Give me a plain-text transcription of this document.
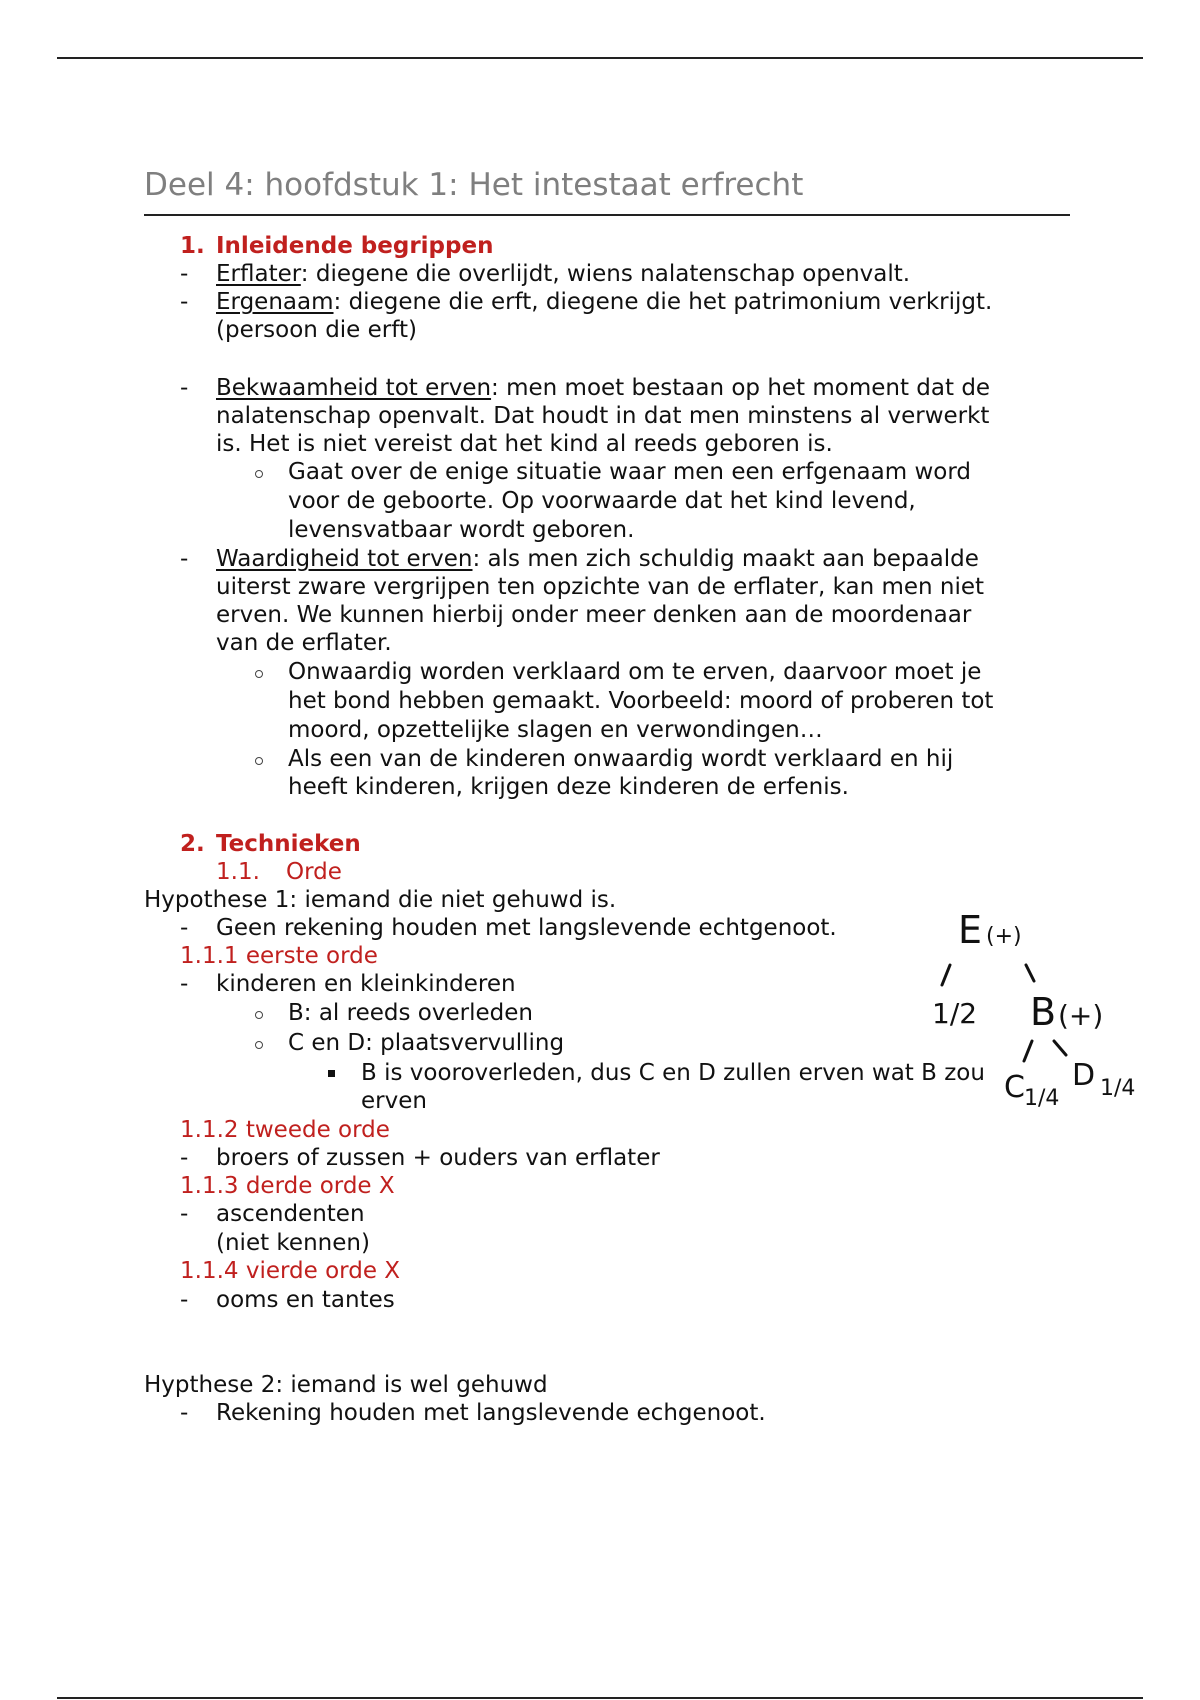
Deel 4: hoofdstuk 1: Het intestaat erfrecht
1. Inleidende begrippen
- Erflater: diegene die overlijdt, wiens nalatenschap openvalt.
- Ergenaam: diegene die erft, diegene die het patrimonium verkrijgt.
(persoon die erft)
- Bekwaamheid tot erven: men moet bestaan op het moment dat de
nalatenschap openvalt. Dat houdt in dat men minstens al verwerkt
is. Het is niet vereist dat het kind al reeds geboren is.
Gaat over de enige situatie waar men een erfgenaam word
voor de geboorte. Op voorwaarde dat het kind levend,
levensvatbaar wordt geboren.
- Waardigheid tot erven: als men zich schuldig maakt aan bepaalde
uiterst zware vergrijpen ten opzichte van de erflater, kan men niet
erven. We kunnen hierbij onder meer denken aan de moordenaar
van de erflater.
Onwaardig worden verklaard om te erven, daarvoor moet je
het bond hebben gemaakt. Voorbeeld: moord of proberen tot
moord, opzettelijke slagen en verwondingen…
Als een van de kinderen onwaardig wordt verklaard en hij
heeft kinderen, krijgen deze kinderen de erfenis.
2. Technieken
1.1. Orde
Hypothese 1: iemand die niet gehuwd is.
- Geen rekening houden met langslevende echtgenoot.
1.1.1 eerste orde
- kinderen en kleinkinderen
B: al reeds overleden
C en D: plaatsvervulling
B is vooroverleden, dus C en D zullen erven wat B zou
erven
1.1.2 tweede orde
- broers of zussen + ouders van erflater
1.1.3 derde orde X
- ascendenten
(niet kennen)
1.1.4 vierde orde X
- ooms en tantes
Hypthese 2: iemand is wel gehuwd
- Rekening houden met langslevende echgenoot.
E (+)
1/2 B (+)
C 1/4
D 1/4
